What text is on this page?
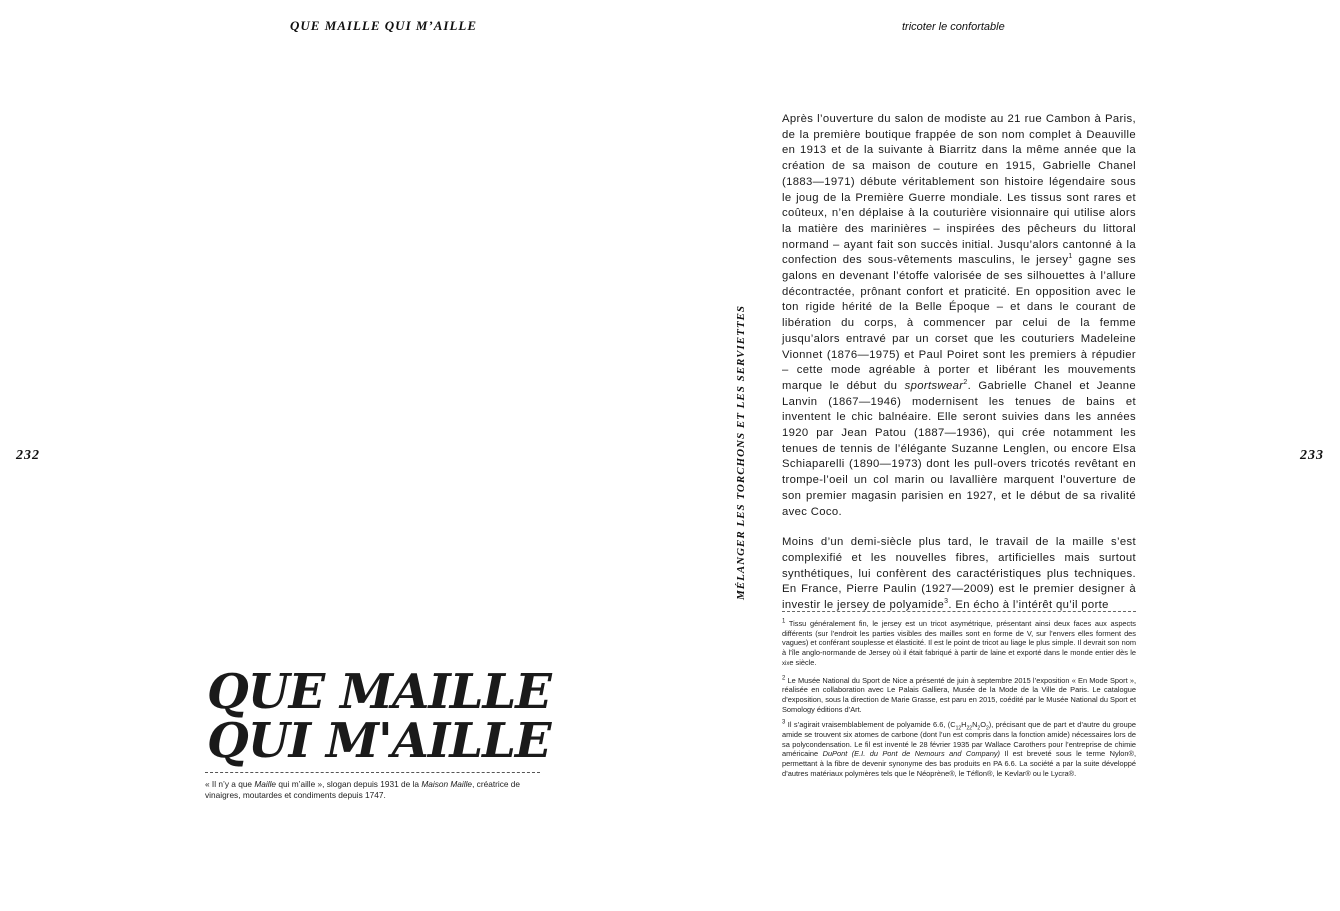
QUE MAILLE QUI M’AILLE	tricoter le confortable
232	233
MÉLANGER LES TORCHONS ET LES SERVIETTES
QUE MAILLE
QUI M'AILLE
« Il n’y a que Maille qui m’aille », slogan depuis 1931 de la Maison Maille, créatrice de vinaigres, moutardes et condiments depuis 1747.

Après l’ouverture du salon de modiste au 21 rue Cambon à Paris, de la première boutique frappée de son nom complet à Deauville en 1913 et de la suivante à Biarritz dans la même année que la création de sa maison de couture en 1915, Gabrielle Chanel (1883—1971) débute véritablement son histoire légendaire sous le joug de la Première Guerre mondiale. Les tissus sont rares et coûteux, n’en déplaise à la couturière visionnaire qui utilise alors la matière des marinières – inspirées des pêcheurs du littoral normand – ayant fait son succès initial. Jusqu’alors cantonné à la confection des sous-vêtements masculins, le jersey$^1$ gagne ses galons en devenant l’étoffe valorisée de ses silhouettes à l’allure décontractée, prônant confort et praticité. En opposition avec le ton rigide hérité de la Belle Époque – et dans le courant de libération du corps, à commencer par celui de la femme jusqu’alors entravé par un corset que les couturiers Madeleine Vionnet (1876—1975) et Paul Poiret sont les premiers à répudier – cette mode agréable à porter et libérant les mouvements marque le début du sportswear$^2$. Gabrielle Chanel et Jeanne Lanvin (1867—1946) modernisent les tenues de bains et inventent le chic balnéaire. Elle seront suivies dans les années 1920 par Jean Patou (1887—1936), qui crée notamment les tenues de tennis de l’élégante Suzanne Lenglen, ou encore Elsa Schiaparelli (1890—1973) dont les pull-overs tricotés revêtant en trompe-l’oeil un col marin ou lavallière marquent l’ouverture de son premier magasin parisien en 1927, et le début de sa rivalité avec Coco.

Moins d’un demi-siècle plus tard, le travail de la maille s’est complexifié et les nouvelles fibres, artificielles mais surtout synthétiques, lui confèrent des caractéristiques plus techniques. En France, Pierre Paulin (1927—2009) est le premier designer à investir le jersey de polyamide$^3$. En écho à l’intérêt qu’il porte

$^1$ Tissu généralement fin, le jersey est un tricot asymétrique, présentant ainsi deux faces aux aspects différents (sur l’endroit les parties visibles des mailles sont en forme de V, sur l’envers elles forment des vagues) et conférant souplesse et élasticité. Il est le point de tricot au liage le plus simple. Il devrait son nom à l’île anglo-normande de Jersey où il était fabriqué à partir de laine et exporté dans le monde entier dès le xixe siècle.

$^2$ Le Musée National du Sport de Nice a présenté de juin à septembre 2015 l’exposition « En Mode Sport », réalisée en collaboration avec Le Palais Galliera, Musée de la Mode de la Ville de Paris. Le catalogue d’exposition, sous la direction de Marie Grasse, est paru en 2015, coédité par le Musée National du Sport et Somology éditions d’Art.

$^3$ Il s’agirait vraisemblablement de polyamide 6.6, $(C_{12}H_{22}N_2O_2)$, précisant que de part et d’autre du groupe amide se trouvent six atomes de carbone (dont l’un est compris dans la fonction amide) nécessaires lors de sa polycondensation. Le fil est inventé le 28 février 1935 par Wallace Carothers pour l’entreprise de chimie américaine DuPont (E.I. du Pont de Nemours and Company) Il est breveté sous le terme Nylon®, permettant à la fibre de devenir synonyme des bas produits en PA 6.6. La société a par la suite développé d’autres matériaux polymères tels que le Néoprène®, le Téflon®, le Kevlar® ou le Lycra®.
